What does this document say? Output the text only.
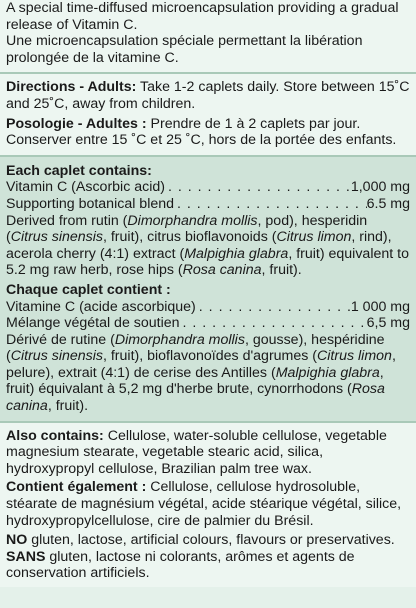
A special time-diffused microencapsulation providing a gradual release of Vitamin C.

Une microencapsulation spéciale permettant la libération prolongée de la vitamine C.

Directions - Adults: Take 1-2 caplets daily. Store between 15˚C and 25˚C, away from children.

Posologie - Adultes : Prendre de 1 à 2 caplets par jour. Conserver entre 15 ˚C et 25 ˚C, hors de la portée des enfants.

Each caplet contains:

Vitamin C (Ascorbic acid) . . .	1,000 mg
Supporting botanical blend . . .	6.5 mg

Derived from rutin (Dimorphandra mollis, pod), hesperidin (Citrus sinensis, fruit), citrus bioflavonoids (Citrus limon, rind), acerola cherry (4:1) extract (Malpighia glabra, fruit) equivalent to 5.2 mg raw herb, rose hips (Rosa canina, fruit).

Chaque caplet contient :

Vitamine C (acide ascorbique) . . .	1 000 mg
Mélange végétal de soutien . . .	6,5 mg

Dérivé de rutine (Dimorphandra mollis, gousse), hespéridine (Citrus sinensis, fruit), bioflavonoïdes d'agrumes (Citrus limon, pelure), extrait (4:1) de cerise des Antilles (Malpighia glabra, fruit) équivalant à 5,2 mg d'herbe brute, cynorrhodons (Rosa canina, fruit).

Also contains: Cellulose, water-soluble cellulose, vegetable magnesium stearate, vegetable stearic acid, silica, hydroxypropyl cellulose, Brazilian palm tree wax.

Contient également : Cellulose, cellulose hydrosoluble, stéarate de magnésium végétal, acide stéarique végétal, silice, hydroxypropylcellulose, cire de palmier du Brésil.

NO gluten, lactose, artificial colours, flavours or preservatives.

SANS gluten, lactose ni colorants, arômes et agents de conservation artificiels.
